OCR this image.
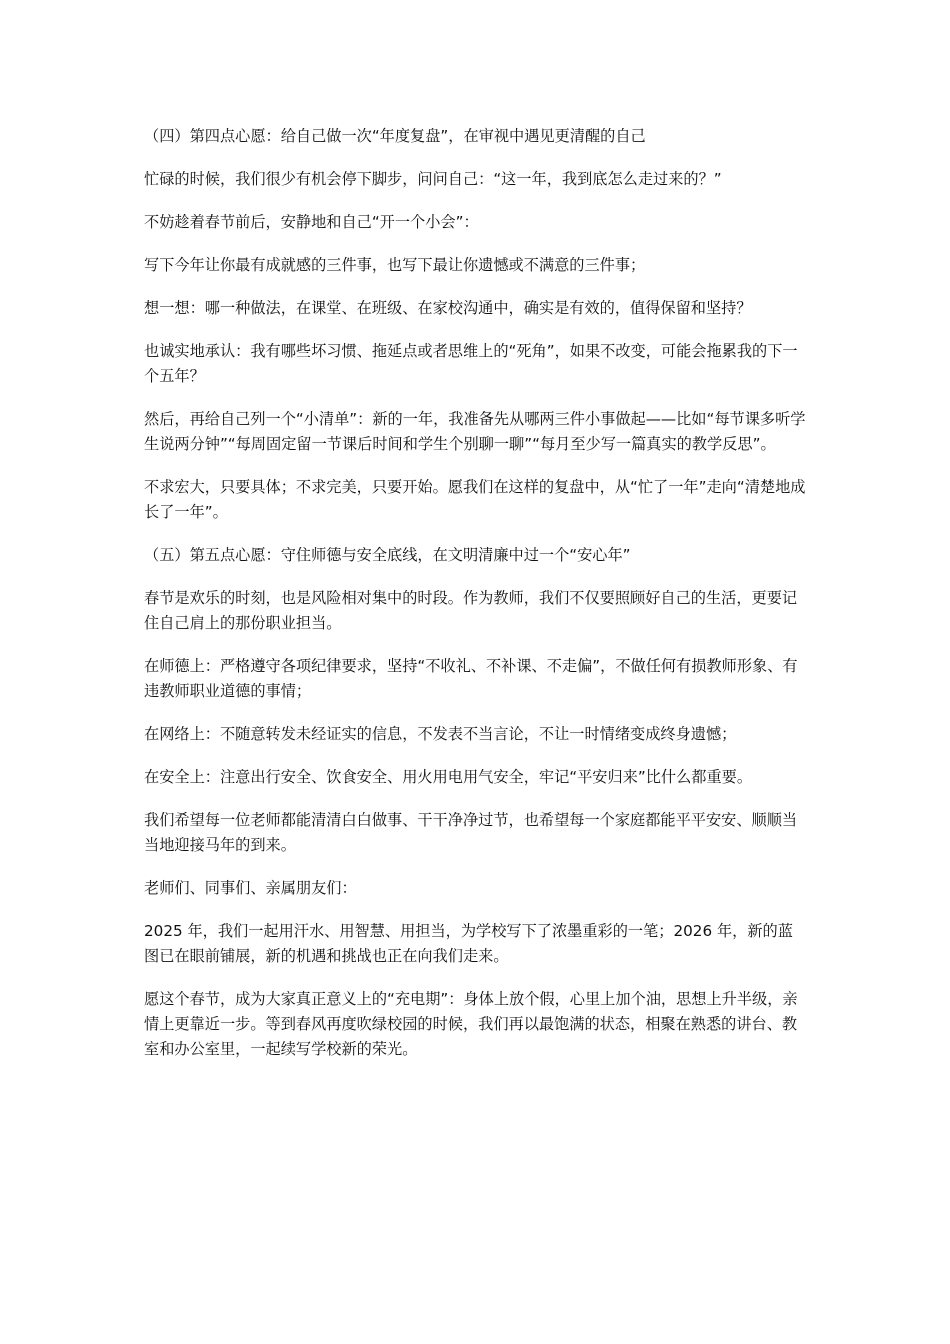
（四）第四点心愿：给自己做一次“年度复盘”，在审视中遇见更清醒的自己

忙碌的时候，我们很少有机会停下脚步，问问自己：“这一年，我到底怎么走过来的？”

不妨趁着春节前后，安静地和自己“开一个小会”：

写下今年让你最有成就感的三件事，也写下最让你遗憾或不满意的三件事；

想一想：哪一种做法，在课堂、在班级、在家校沟通中，确实是有效的，值得保留和坚持？

也诚实地承认：我有哪些坏习惯、拖延点或者思维上的“死角”，如果不改变，可能会拖累我的下一个五年？

然后，再给自己列一个“小清单”：新的一年，我准备先从哪两三件小事做起——比如“每节课多听学生说两分钟”“每周固定留一节课后时间和学生个别聊一聊”“每月至少写一篇真实的教学反思”。

不求宏大，只要具体；不求完美，只要开始。愿我们在这样的复盘中，从“忙了一年”走向“清楚地成长了一年”。

（五）第五点心愿：守住师德与安全底线，在文明清廉中过一个“安心年”

春节是欢乐的时刻，也是风险相对集中的时段。作为教师，我们不仅要照顾好自己的生活，更要记住自己肩上的那份职业担当。

在师德上：严格遵守各项纪律要求，坚持“不收礼、不补课、不走偏”，不做任何有损教师形象、有违教师职业道德的事情；

在网络上：不随意转发未经证实的信息，不发表不当言论，不让一时情绪变成终身遗憾；

在安全上：注意出行安全、饮食安全、用火用电用气安全，牢记“平安归来”比什么都重要。

我们希望每一位老师都能清清白白做事、干干净净过节，也希望每一个家庭都能平平安安、顺顺当当地迎接马年的到来。

老师们、同事们、亲属朋友们：

2025 年，我们一起用汗水、用智慧、用担当，为学校写下了浓墨重彩的一笔；2026 年，新的蓝图已在眼前铺展，新的机遇和挑战也正在向我们走来。

愿这个春节，成为大家真正意义上的“充电期”：身体上放个假，心里上加个油，思想上升半级，亲情上更靠近一步。等到春风再度吹绿校园的时候，我们再以最饱满的状态，相聚在熟悉的讲台、教室和办公室里，一起续写学校新的荣光。
